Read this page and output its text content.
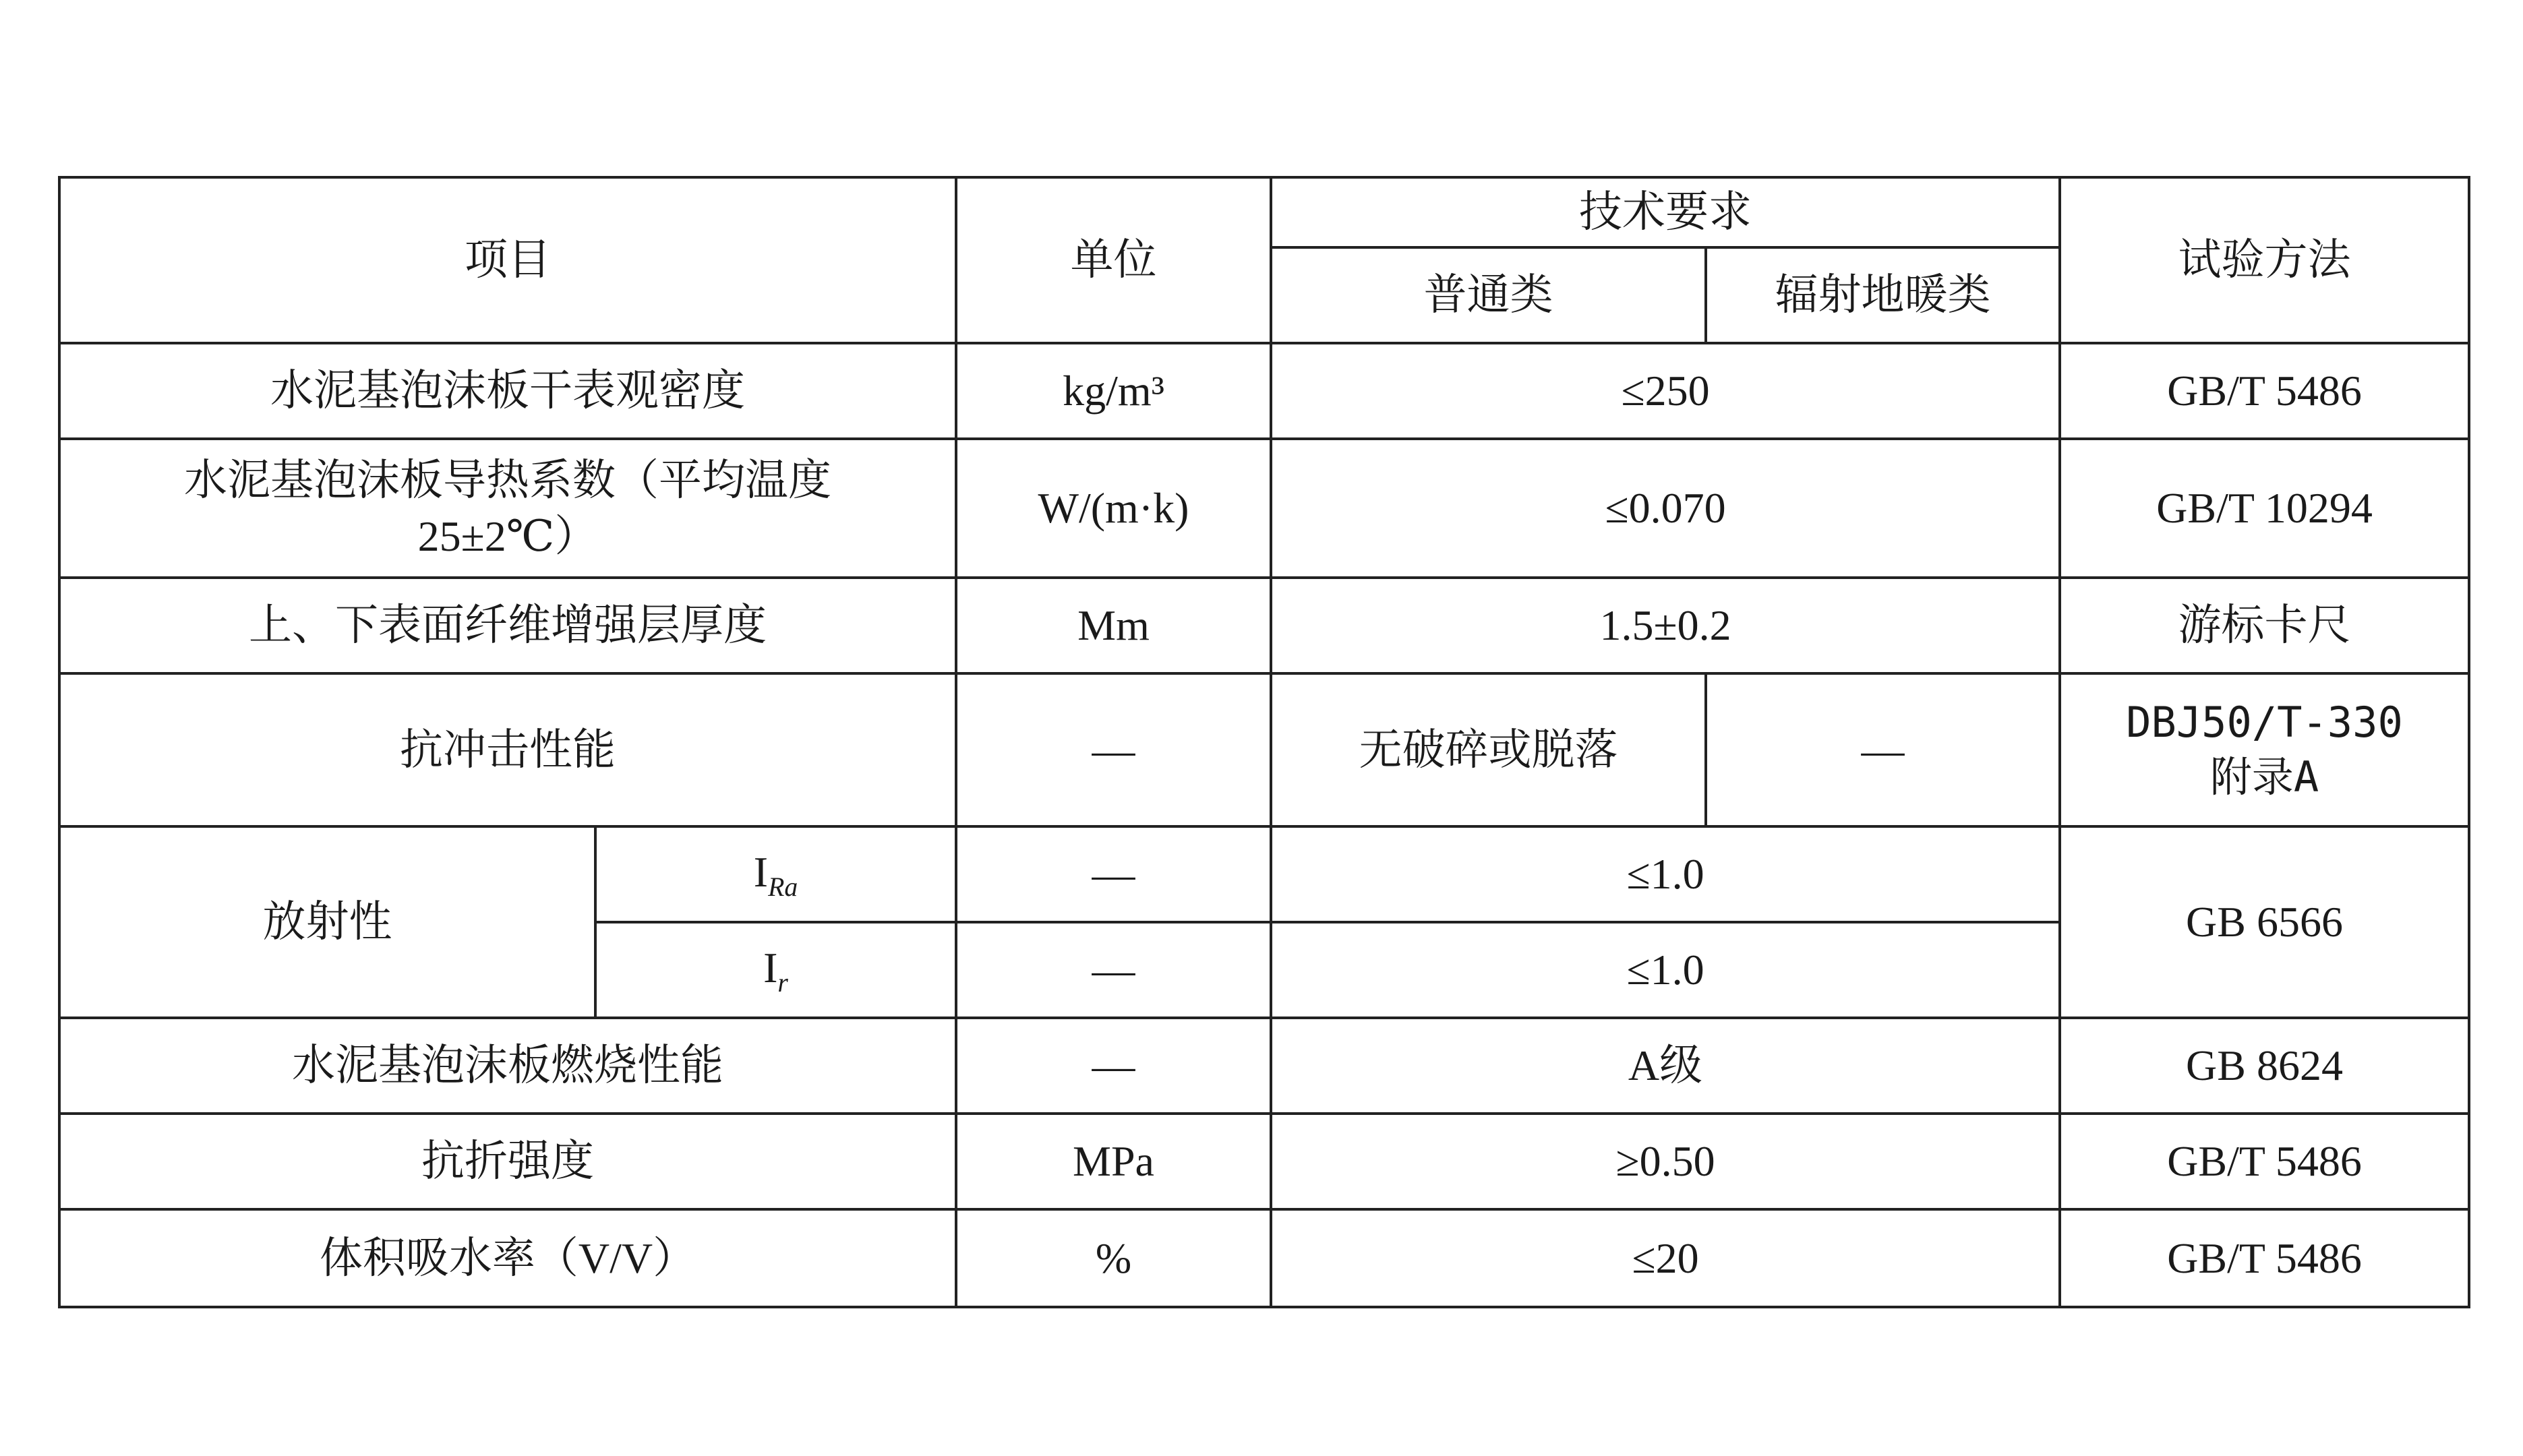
项目		单位	技术要求		试验方法
			普通类	辐射地暖类	
水泥基泡沫板干表观密度		kg/m³	≤250		GB/T 5486

水泥基泡沫板导热系数（平均温度
25±2℃）		W/(m·k)	≤0.070		GB/T 10294
上、下表面纤维增强层厚度		Mm	1.5±0.2		游标卡尺
抗冲击性能		—	无破碎或脱落	—	DBJ50/T-330
附录A

放射性	$I_{Ra}$	—	≤1.0		GB 6566
	$I_r$	—	≤1.0		
水泥基泡沫板燃烧性能		—	A级		GB 8624
抗折强度		MPa	≥0.50		GB/T 5486
体积吸水率（V/V）		%	≤20		GB/T 5486
